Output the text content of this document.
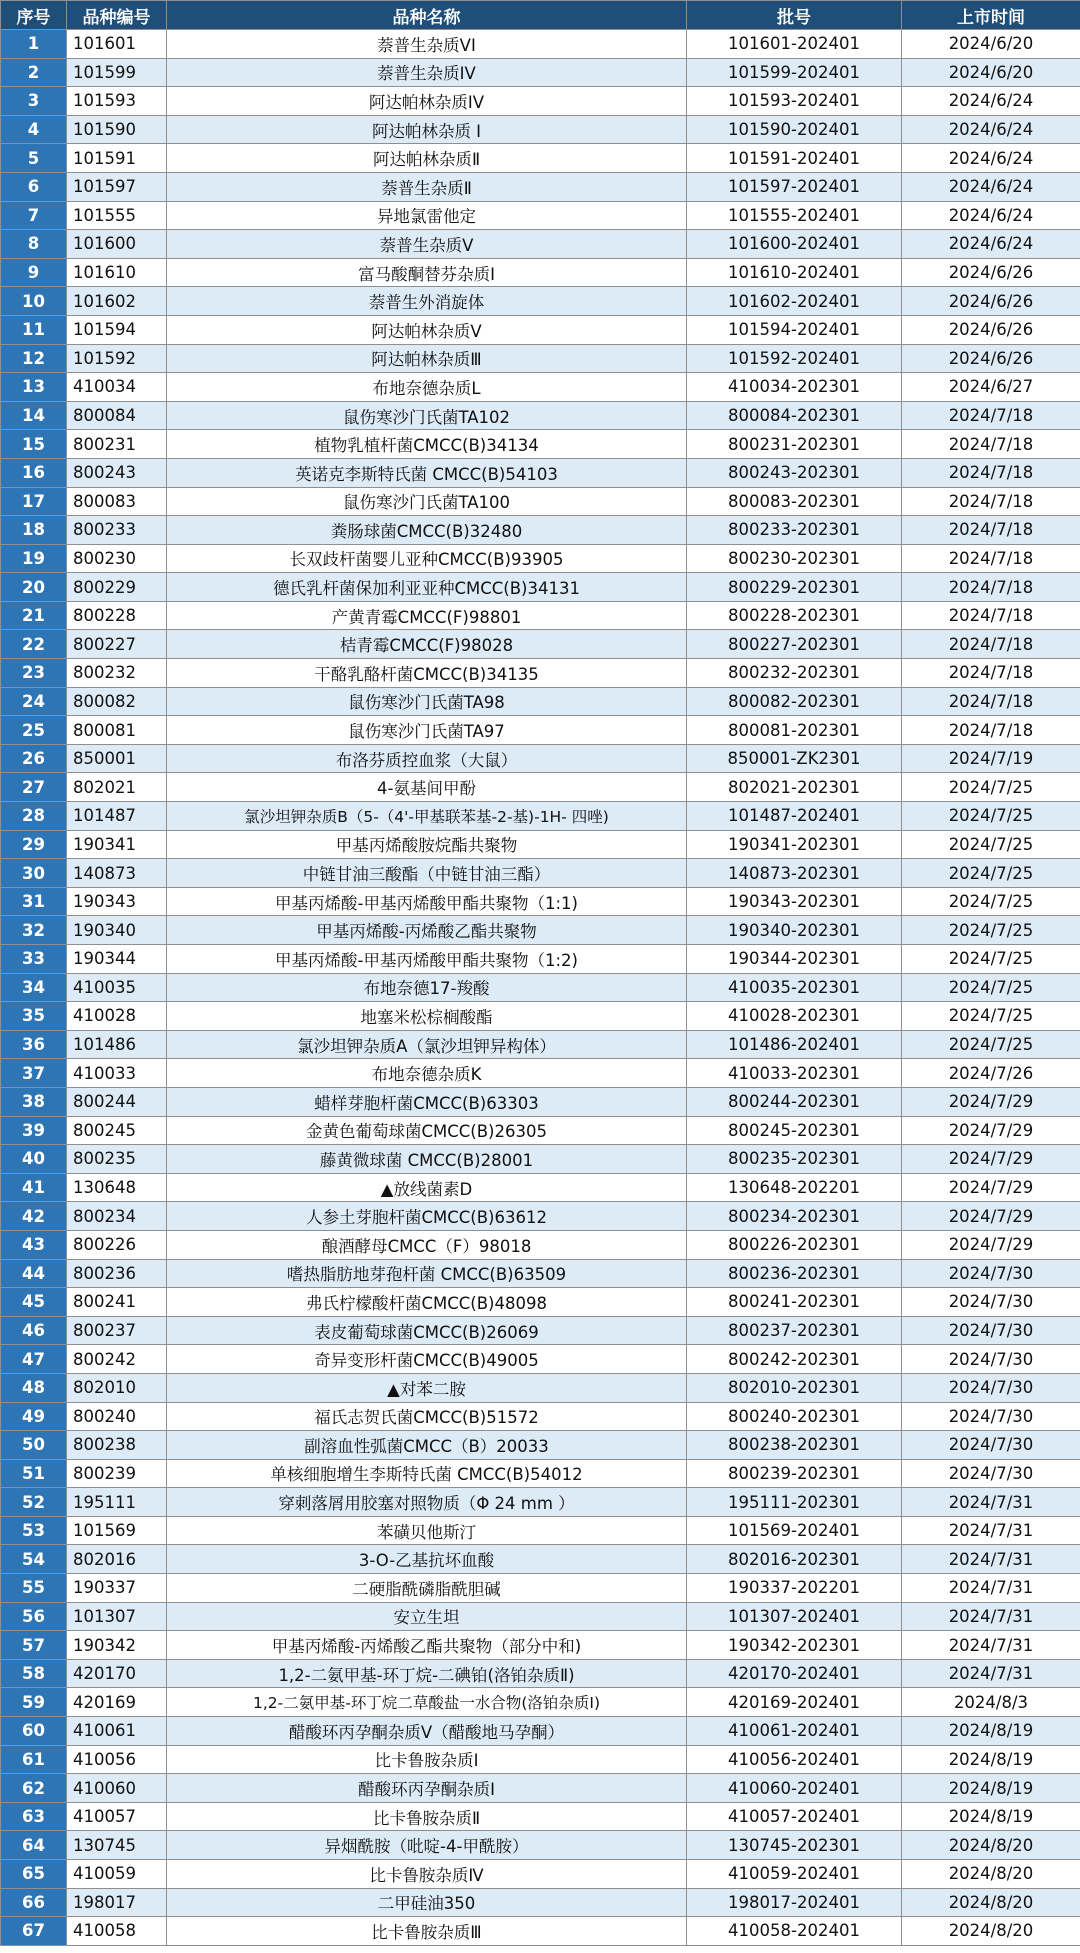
序号	品种编号	品种名称	批号	上市时间
1	101601	萘普生杂质VI	101601-202401	2024/6/20
2	101599	萘普生杂质IV	101599-202401	2024/6/20
3	101593	阿达帕林杂质IV	101593-202401	2024/6/24
4	101590	阿达帕林杂质 I	101590-202401	2024/6/24
5	101591	阿达帕林杂质Ⅱ	101591-202401	2024/6/24
6	101597	萘普生杂质Ⅱ	101597-202401	2024/6/24
7	101555	异地氯雷他定	101555-202401	2024/6/24
8	101600	萘普生杂质V	101600-202401	2024/6/24
9	101610	富马酸酮替芬杂质I	101610-202401	2024/6/26
10	101602	萘普生外消旋体	101602-202401	2024/6/26
11	101594	阿达帕林杂质V	101594-202401	2024/6/26
12	101592	阿达帕林杂质Ⅲ	101592-202401	2024/6/26
13	410034	布地奈德杂质L	410034-202301	2024/6/27
14	800084	鼠伤寒沙门氏菌TA102	800084-202301	2024/7/18
15	800231	植物乳植杆菌CMCC(B)34134	800231-202301	2024/7/18
16	800243	英诺克李斯特氏菌 CMCC(B)54103	800243-202301	2024/7/18
17	800083	鼠伤寒沙门氏菌TA100	800083-202301	2024/7/18
18	800233	粪肠球菌CMCC(B)32480	800233-202301	2024/7/18
19	800230	长双歧杆菌婴儿亚种CMCC(B)93905	800230-202301	2024/7/18
20	800229	德氏乳杆菌保加利亚亚种CMCC(B)34131	800229-202301	2024/7/18
21	800228	产黄青霉CMCC(F)98801	800228-202301	2024/7/18
22	800227	桔青霉CMCC(F)98028	800227-202301	2024/7/18
23	800232	干酪乳酪杆菌CMCC(B)34135	800232-202301	2024/7/18
24	800082	鼠伤寒沙门氏菌TA98	800082-202301	2024/7/18
25	800081	鼠伤寒沙门氏菌TA97	800081-202301	2024/7/18
26	850001	布洛芬质控血浆（大鼠）	850001-ZK2301	2024/7/19
27	802021	4-氨基间甲酚	802021-202301	2024/7/25
28	101487	氯沙坦钾杂质B（5-（4'-甲基联苯基-2-基)-1H- 四唑)	101487-202401	2024/7/25
29	190341	甲基丙烯酸胺烷酯共聚物	190341-202301	2024/7/25
30	140873	中链甘油三酸酯（中链甘油三酯）	140873-202301	2024/7/25
31	190343	甲基丙烯酸-甲基丙烯酸甲酯共聚物（1:1)	190343-202301	2024/7/25
32	190340	甲基丙烯酸-丙烯酸乙酯共聚物	190340-202301	2024/7/25
33	190344	甲基丙烯酸-甲基丙烯酸甲酯共聚物（1:2)	190344-202301	2024/7/25
34	410035	布地奈德17-羧酸	410035-202301	2024/7/25
35	410028	地塞米松棕榈酸酯	410028-202301	2024/7/25
36	101486	氯沙坦钾杂质A（氯沙坦钾异构体）	101486-202401	2024/7/25
37	410033	布地奈德杂质K	410033-202301	2024/7/26
38	800244	蜡样芽胞杆菌CMCC(B)63303	800244-202301	2024/7/29
39	800245	金黄色葡萄球菌CMCC(B)26305	800245-202301	2024/7/29
40	800235	藤黄微球菌 CMCC(B)28001	800235-202301	2024/7/29
41	130648	▲放线菌素D	130648-202201	2024/7/29
42	800234	人参土芽胞杆菌CMCC(B)63612	800234-202301	2024/7/29
43	800226	酿酒酵母CMCC（F）98018	800226-202301	2024/7/29
44	800236	嗜热脂肪地芽孢杆菌 CMCC(B)63509	800236-202301	2024/7/30
45	800241	弗氏柠檬酸杆菌CMCC(B)48098	800241-202301	2024/7/30
46	800237	表皮葡萄球菌CMCC(B)26069	800237-202301	2024/7/30
47	800242	奇异变形杆菌CMCC(B)49005	800242-202301	2024/7/30
48	802010	▲对苯二胺	802010-202301	2024/7/30
49	800240	福氏志贺氏菌CMCC(B)51572	800240-202301	2024/7/30
50	800238	副溶血性弧菌CMCC（B）20033	800238-202301	2024/7/30
51	800239	单核细胞增生李斯特氏菌 CMCC(B)54012	800239-202301	2024/7/30
52	195111	穿刺落屑用胶塞对照物质（Φ 24 mm ）	195111-202301	2024/7/31
53	101569	苯磺贝他斯汀	101569-202401	2024/7/31
54	802016	3-O-乙基抗坏血酸	802016-202301	2024/7/31
55	190337	二硬脂酰磷脂酰胆碱	190337-202201	2024/7/31
56	101307	安立生坦	101307-202401	2024/7/31
57	190342	甲基丙烯酸-丙烯酸乙酯共聚物（部分中和)	190342-202301	2024/7/31
58	420170	1,2-二氨甲基-环丁烷-二碘铂(洛铂杂质Ⅱ)	420170-202401	2024/7/31
59	420169	1,2-二氨甲基-环丁烷二草酸盐一水合物(洛铂杂质Ⅰ)	420169-202401	2024/8/3
60	410061	醋酸环丙孕酮杂质Ⅴ（醋酸地马孕酮）	410061-202401	2024/8/19
61	410056	比卡鲁胺杂质Ⅰ	410056-202401	2024/8/19
62	410060	醋酸环丙孕酮杂质Ⅰ	410060-202401	2024/8/19
63	410057	比卡鲁胺杂质Ⅱ	410057-202401	2024/8/19
64	130745	异烟酰胺（吡啶-4-甲酰胺）	130745-202301	2024/8/20
65	410059	比卡鲁胺杂质Ⅳ	410059-202401	2024/8/20
66	198017	二甲硅油350	198017-202401	2024/8/20
67	410058	比卡鲁胺杂质Ⅲ	410058-202401	2024/8/20
